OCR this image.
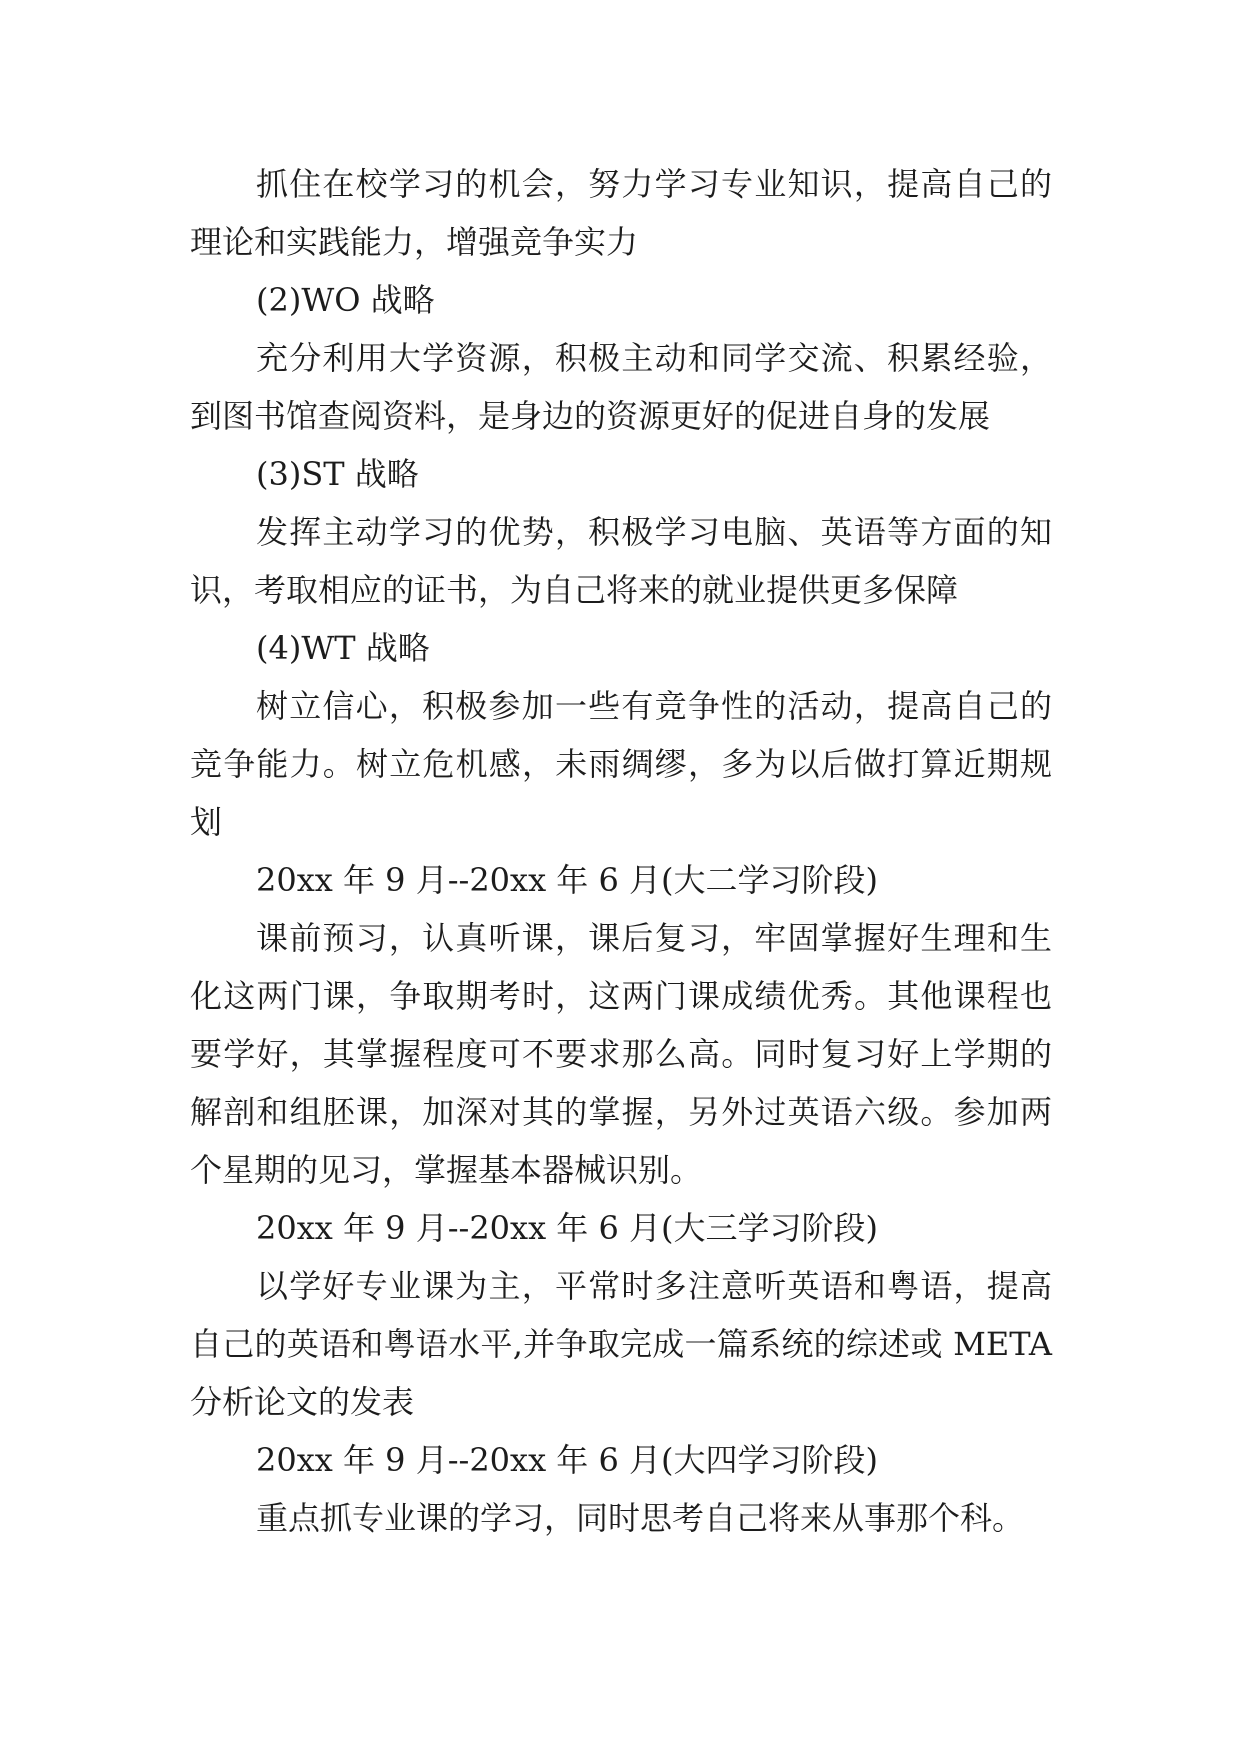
抓住在校学习的机会，努力学习专业知识，提高自己的
理论和实践能力，增强竞争实力
(2)WO 战略
充分利用大学资源，积极主动和同学交流、积累经验，
到图书馆查阅资料，是身边的资源更好的促进自身的发展
(3)ST 战略
发挥主动学习的优势，积极学习电脑、英语等方面的知
识，考取相应的证书，为自己将来的就业提供更多保障
(4)WT 战略
树立信心，积极参加一些有竞争性的活动，提高自己的
竞争能力。树立危机感，未雨绸缪，多为以后做打算近期规
划
20xx 年 9 月--20xx 年 6 月(大二学习阶段)
课前预习，认真听课，课后复习，牢固掌握好生理和生
化这两门课，争取期考时，这两门课成绩优秀。其他课程也
要学好，其掌握程度可不要求那么高。同时复习好上学期的
解剖和组胚课，加深对其的掌握，另外过英语六级。参加两
个星期的见习，掌握基本器械识别。
20xx 年 9 月--20xx 年 6 月(大三学习阶段)
以学好专业课为主，平常时多注意听英语和粤语，提高
自己的英语和粤语水平,并争取完成一篇系统的综述或 META
分析论文的发表
20xx 年 9 月--20xx 年 6 月(大四学习阶段)
重点抓专业课的学习，同时思考自己将来从事那个科。
